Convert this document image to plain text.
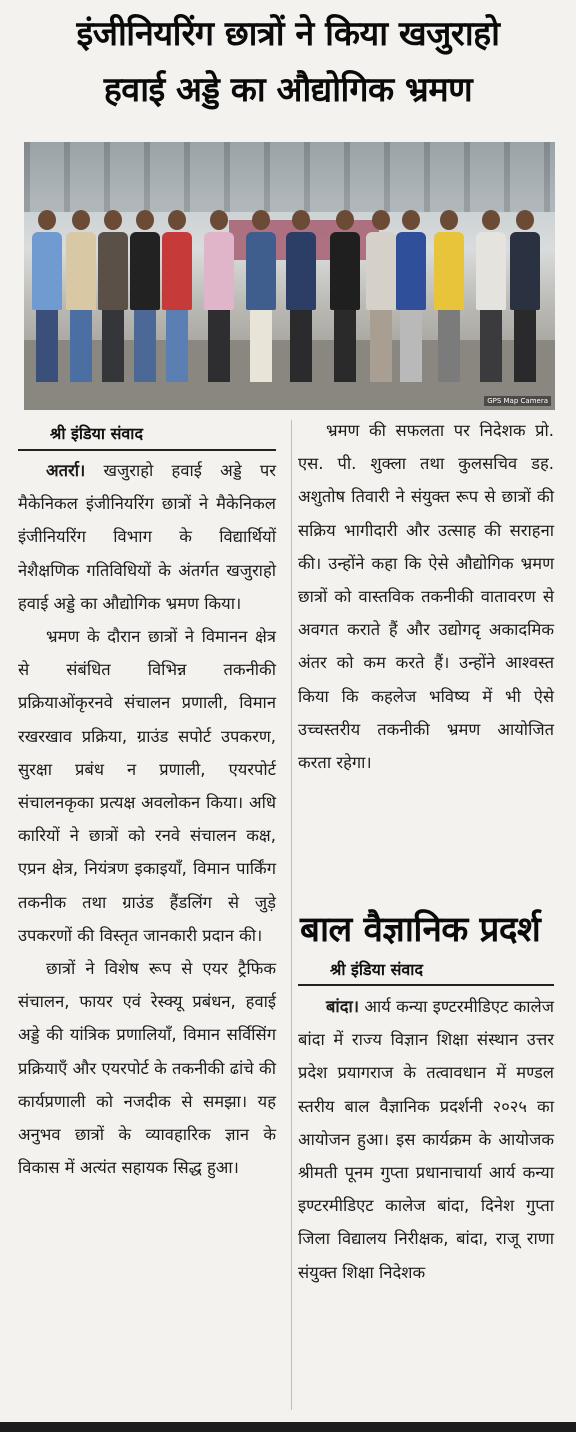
इंजीनियरिंग छात्रों ने किया खजुराहो
हवाई अड्डे का औद्योगिक भ्रमण
GPS Map Camera
श्री इंडिया संवाद

अतर्रा। खजुराहो हवाई अड्डे पर मैकेनिकल इंजीनियरिंग छात्रों ने मैकेनिकल इंजीनियरिंग विभाग के विद्यार्थियों नेशैक्षणिक गतिविधियों के अंतर्गत खजुराहो हवाई अड्डे का औद्योगिक भ्रमण किया।

भ्रमण के दौरान छात्रों ने विमानन क्षेत्र से संबंधित विभिन्न तकनीकी प्रक्रियाओंकृरनवे संचालन प्रणाली, विमान रखरखाव प्रक्रिया, ग्राउंड सपोर्ट उपकरण, सुरक्षा प्रबंध न प्रणाली, एयरपोर्ट संचालनकृका प्रत्यक्ष अवलोकन किया। अधि कारियों ने छात्रों को रनवे संचालन कक्ष, एप्रन क्षेत्र, नियंत्रण इकाइयाँ, विमान पार्किंग तकनीक तथा ग्राउंड हैंडलिंग से जुड़े उपकरणों की विस्तृत जानकारी प्रदान की।

छात्रों ने विशेष रूप से एयर ट्रैफिक संचालन, फायर एवं रेस्क्यू प्रबंधन, हवाई अड्डे की यांत्रिक प्रणालियाँ, विमान सर्विसिंग प्रक्रियाएँ और एयरपोर्ट के तकनीकी ढांचे की कार्यप्रणाली को नजदीक से समझा। यह अनुभव छात्रों के व्यावहारिक ज्ञान के विकास में अत्यंत सहायक सिद्ध हुआ।

भ्रमण की सफलता पर निदेशक प्रो. एस. पी. शुक्ला तथा कुलसचिव डह. अशुतोष तिवारी ने संयुक्त रूप से छात्रों की सक्रिय भागीदारी और उत्साह की सराहना की। उन्होंने कहा कि ऐसे औद्योगिक भ्रमण छात्रों को वास्तविक तकनीकी वातावरण से अवगत कराते हैं और उद्योगदृ अकादमिक अंतर को कम करते हैं। उन्होंने आश्वस्त किया कि कहलेज भविष्य में भी ऐसे उच्चस्तरीय तकनीकी भ्रमण आयोजित करता रहेगा।

बाल वैज्ञानिक प्रदर्श
श्री इंडिया संवाद

बांदा। आर्य कन्या इण्टरमीडिएट कालेज बांदा में राज्य विज्ञान शिक्षा संस्थान उत्तर प्रदेश प्रयागराज के तत्वावधान में मण्डल स्तरीय बाल वैज्ञानिक प्रदर्शनी २०२५ का आयोजन हुआ। इस कार्यक्रम के आयोजक श्रीमती पूनम गुप्ता प्रधानाचार्या आर्य कन्या इण्टरमीडिएट कालेज बांदा, दिनेश गुप्ता जिला विद्यालय निरीक्षक, बांदा, राजू राणा संयुक्त शिक्षा निदेशक
